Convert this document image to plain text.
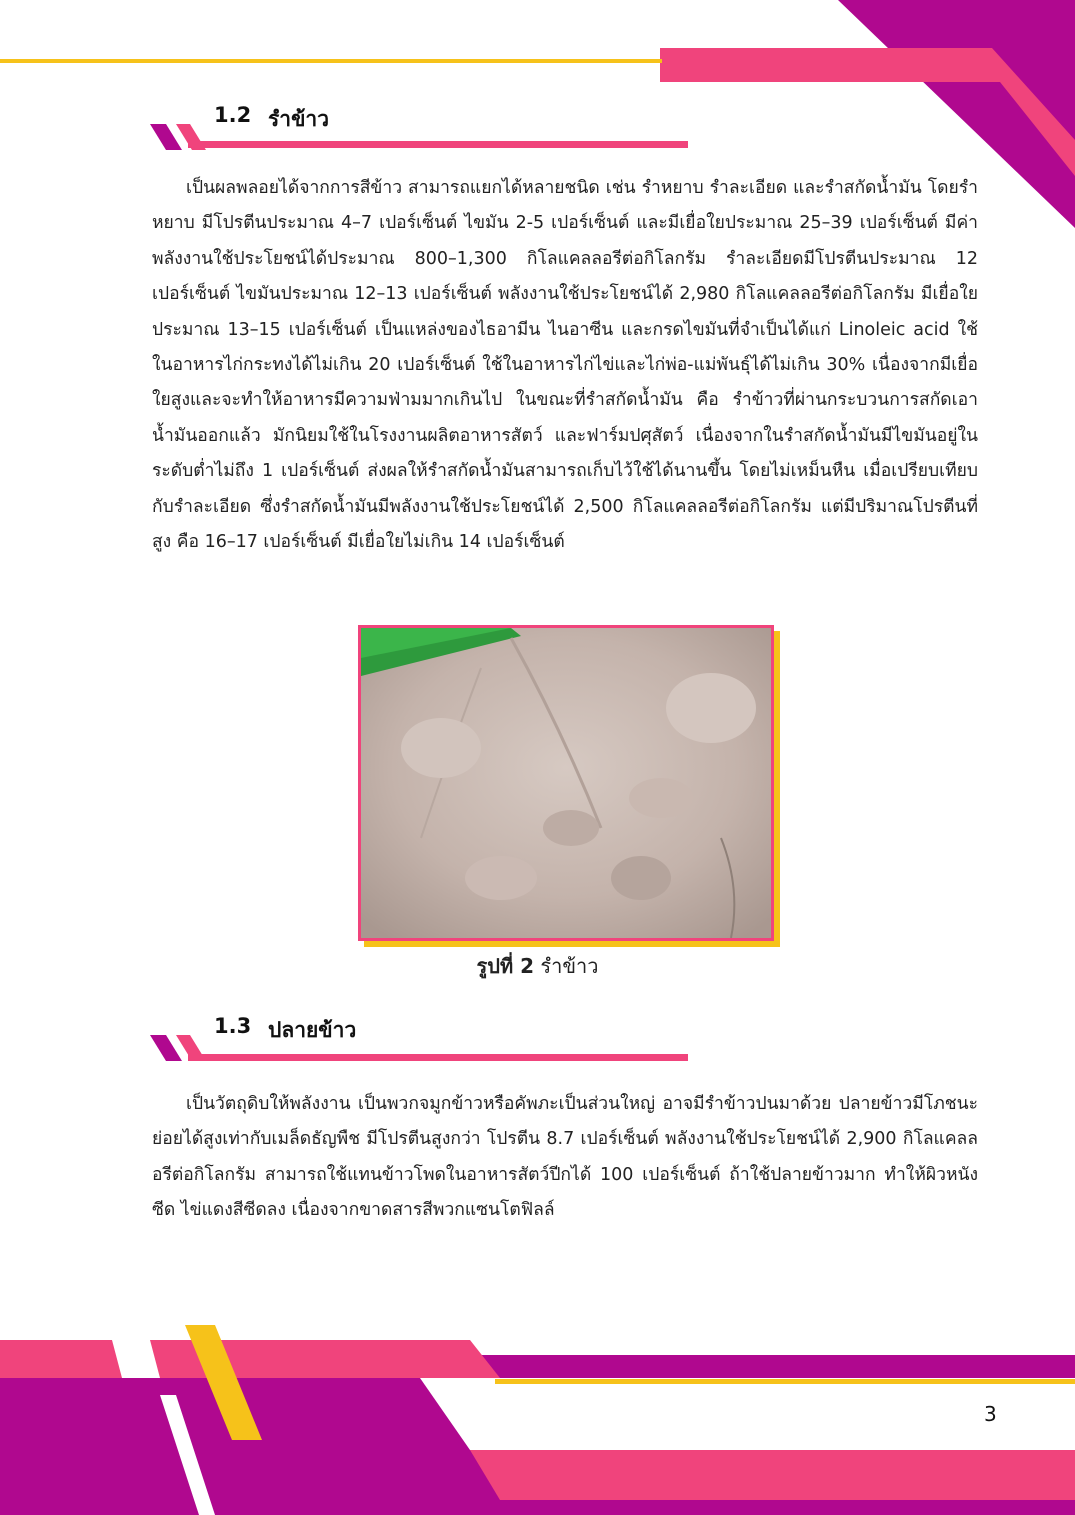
1.2 รำข้าว

เป็นผลพลอยได้จากการสีข้าว สามารถแยกได้หลายชนิด เช่น รำหยาบ รำละเอียด และรำสกัดน้ำมัน โดยรำหยาบ มีโปรตีนประมาณ 4–7 เปอร์เซ็นต์ ไขมัน 2-5 เปอร์เซ็นต์ และมีเยื่อใยประมาณ 25–39 เปอร์เซ็นต์ มีค่าพลังงานใช้ประโยชน์ได้ประมาณ 800–1,300 กิโลแคลลอรีต่อกิโลกรัม รำละเอียดมีโปรตีนประมาณ 12 เปอร์เซ็นต์ ไขมันประมาณ 12–13 เปอร์เซ็นต์ พลังงานใช้ประโยชน์ได้ 2,980 กิโลแคลลอรีต่อกิโลกรัม มีเยื่อใยประมาณ 13–15 เปอร์เซ็นต์ เป็นแหล่งของไธอามีน ไนอาซีน และกรดไขมันที่จำเป็นได้แก่ Linoleic acid ใช้ในอาหารไก่กระทงได้ไม่เกิน 20 เปอร์เซ็นต์ ใช้ในอาหารไก่ไข่และไก่พ่อ-แม่พันธุ์ได้ไม่เกิน 30% เนื่องจากมีเยื่อใยสูงและจะทำให้อาหารมีความฟ่ามมากเกินไป ในขณะที่รำสกัดน้ำมัน คือ รำข้าวที่ผ่านกระบวนการสกัดเอาน้ำมันออกแล้ว มักนิยมใช้ในโรงงานผลิตอาหารสัตว์ และฟาร์มปศุสัตว์ เนื่องจากในรำสกัดน้ำมันมีไขมันอยู่ในระดับต่ำไม่ถึง 1 เปอร์เซ็นต์ ส่งผลให้รำสกัดน้ำมันสามารถเก็บไว้ใช้ได้นานขึ้น โดยไม่เหม็นหืน เมื่อเปรียบเทียบกับรำละเอียด ซึ่งรำสกัดน้ำมันมีพลังงานใช้ประโยชน์ได้ 2,500 กิโลแคลลอรีต่อกิโลกรัม แต่มีปริมาณโปรตีนที่สูง คือ 16–17 เปอร์เซ็นต์ มีเยื่อใยไม่เกิน 14 เปอร์เซ็นต์

รูปที่ 2 รำข้าว
1.3 ปลายข้าว

เป็นวัตถุดิบให้พลังงาน เป็นพวกจมูกข้าวหรือคัพภะเป็นส่วนใหญ่ อาจมีรำข้าวปนมาด้วย ปลายข้าวมีโภชนะย่อยได้สูงเท่ากับเมล็ดธัญพืช มีโปรตีนสูงกว่า โปรตีน 8.7 เปอร์เซ็นต์ พลังงานใช้ประโยชน์ได้ 2,900 กิโลแคลลอรีต่อกิโลกรัม สามารถใช้แทนข้าวโพดในอาหารสัตว์ปีกได้ 100 เปอร์เซ็นต์ ถ้าใช้ปลายข้าวมาก ทำให้ผิวหนังซีด ไข่แดงสีซีดลง เนื่องจากขาดสารสีพวกแซนโตฟิลล์

3
